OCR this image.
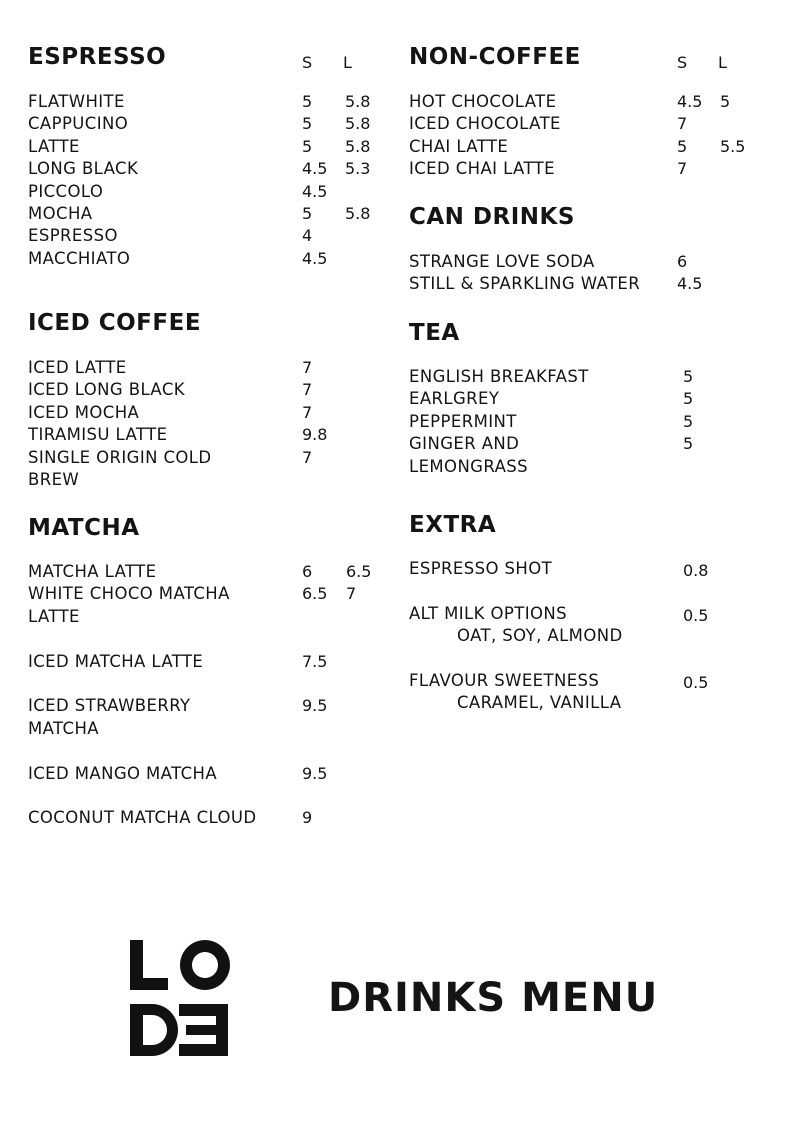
ESPRESSO	S L
ICED COFFEE
MATCHA
NON-COFFEE	S L
CAN DRINKS
TEA
EXTRA
DRINKS MENU
FLATWHITE	5 5.8
CAPPUCINO	5 5.8
LATTE	5 5.8
LONG BLACK	4.5 5.3
PICCOLO	4.5
MOCHA	5 5.8
ESPRESSO	4
MACCHIATO	4.5
ICED LATTE	7
ICED LONG BLACK	7
ICED MOCHA	7
TIRAMISU LATTE	9.8
SINGLE ORIGIN COLD	7
BREW
MATCHA LATTE	6 6.5
WHITE CHOCO MATCHA	6.5 7
LATTE
ICED MATCHA LATTE	7.5
ICED STRAWBERRY	9.5
MATCHA
ICED MANGO MATCHA	9.5
COCONUT MATCHA CLOUD	9
HOT CHOCOLATE	4.5 5
ICED CHOCOLATE	7
CHAI LATTE	5 5.5
ICED CHAI LATTE	7
STRANGE LOVE SODA	6
STILL & SPARKLING WATER 4.5
ENGLISH BREAKFAST	5
EARLGREY	5
PEPPERMINT	5
GINGER AND	5
LEMONGRASS
ESPRESSO SHOT	0.8
ALT MILK OPTIONS	0.5
OAT, SOY, ALMOND
FLAVOUR SWEETNESS	0.5
CARAMEL, VANILLA
